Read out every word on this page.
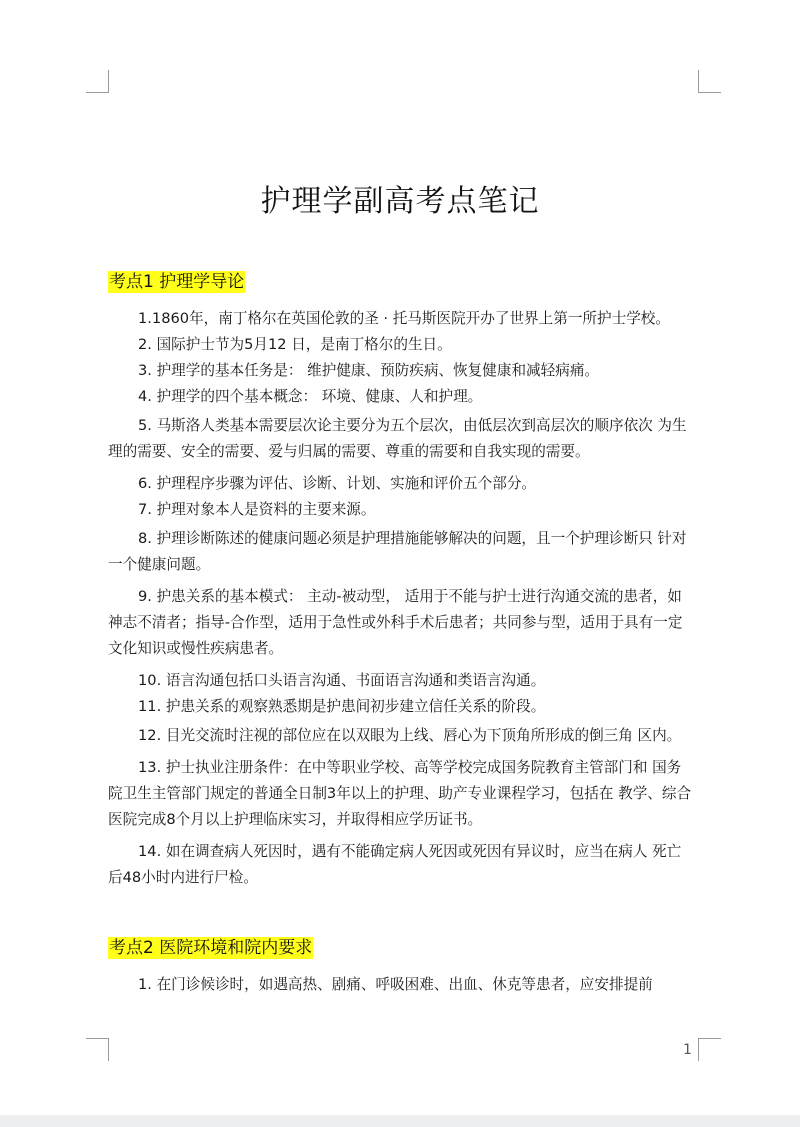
护理学副高考点笔记
考点1 护理学导论

1.1860年，南丁格尔在英国伦敦的圣 · 托马斯医院开办了世界上第一所护士学校。

2. 国际护士节为5月12 日，是南丁格尔的生日。

3. 护理学的基本任务是： 维护健康、预防疾病、恢复健康和减轻病痛。

4. 护理学的四个基本概念： 环境、健康、人和护理。

5. 马斯洛人类基本需要层次论主要分为五个层次，由低层次到高层次的顺序依次 为生理的需要、安全的需要、爱与归属的需要、尊重的需要和自我实现的需要。

6. 护理程序步骤为评估、诊断、计划、实施和评价五个部分。

7. 护理对象本人是资料的主要来源。

8. 护理诊断陈述的健康问题必须是护理措施能够解决的问题，且一个护理诊断只 针对一个健康问题。

9. 护患关系的基本模式： 主动-被动型， 适用于不能与护士进行沟通交流的患者，如神志不清者；指导-合作型，适用于急性或外科手术后患者；共同参与型，适用于具有一定文化知识或慢性疾病患者。

10. 语言沟通包括口头语言沟通、书面语言沟通和类语言沟通。

11. 护患关系的观察熟悉期是护患间初步建立信任关系的阶段。

12. 目光交流时注视的部位应在以双眼为上线、唇心为下顶角所形成的倒三角 区内。

13. 护士执业注册条件：在中等职业学校、高等学校完成国务院教育主管部门和 国务院卫生主管部门规定的普通全日制3年以上的护理、助产专业课程学习，包括在 教学、综合医院完成8个月以上护理临床实习，并取得相应学历证书。

14. 如在调查病人死因时，遇有不能确定病人死因或死因有异议时，应当在病人 死亡后48小时内进行尸检。

考点2 医院环境和院内要求

1. 在门诊候诊时，如遇高热、剧痛、呼吸困难、出血、休克等患者，应安排提前

1
